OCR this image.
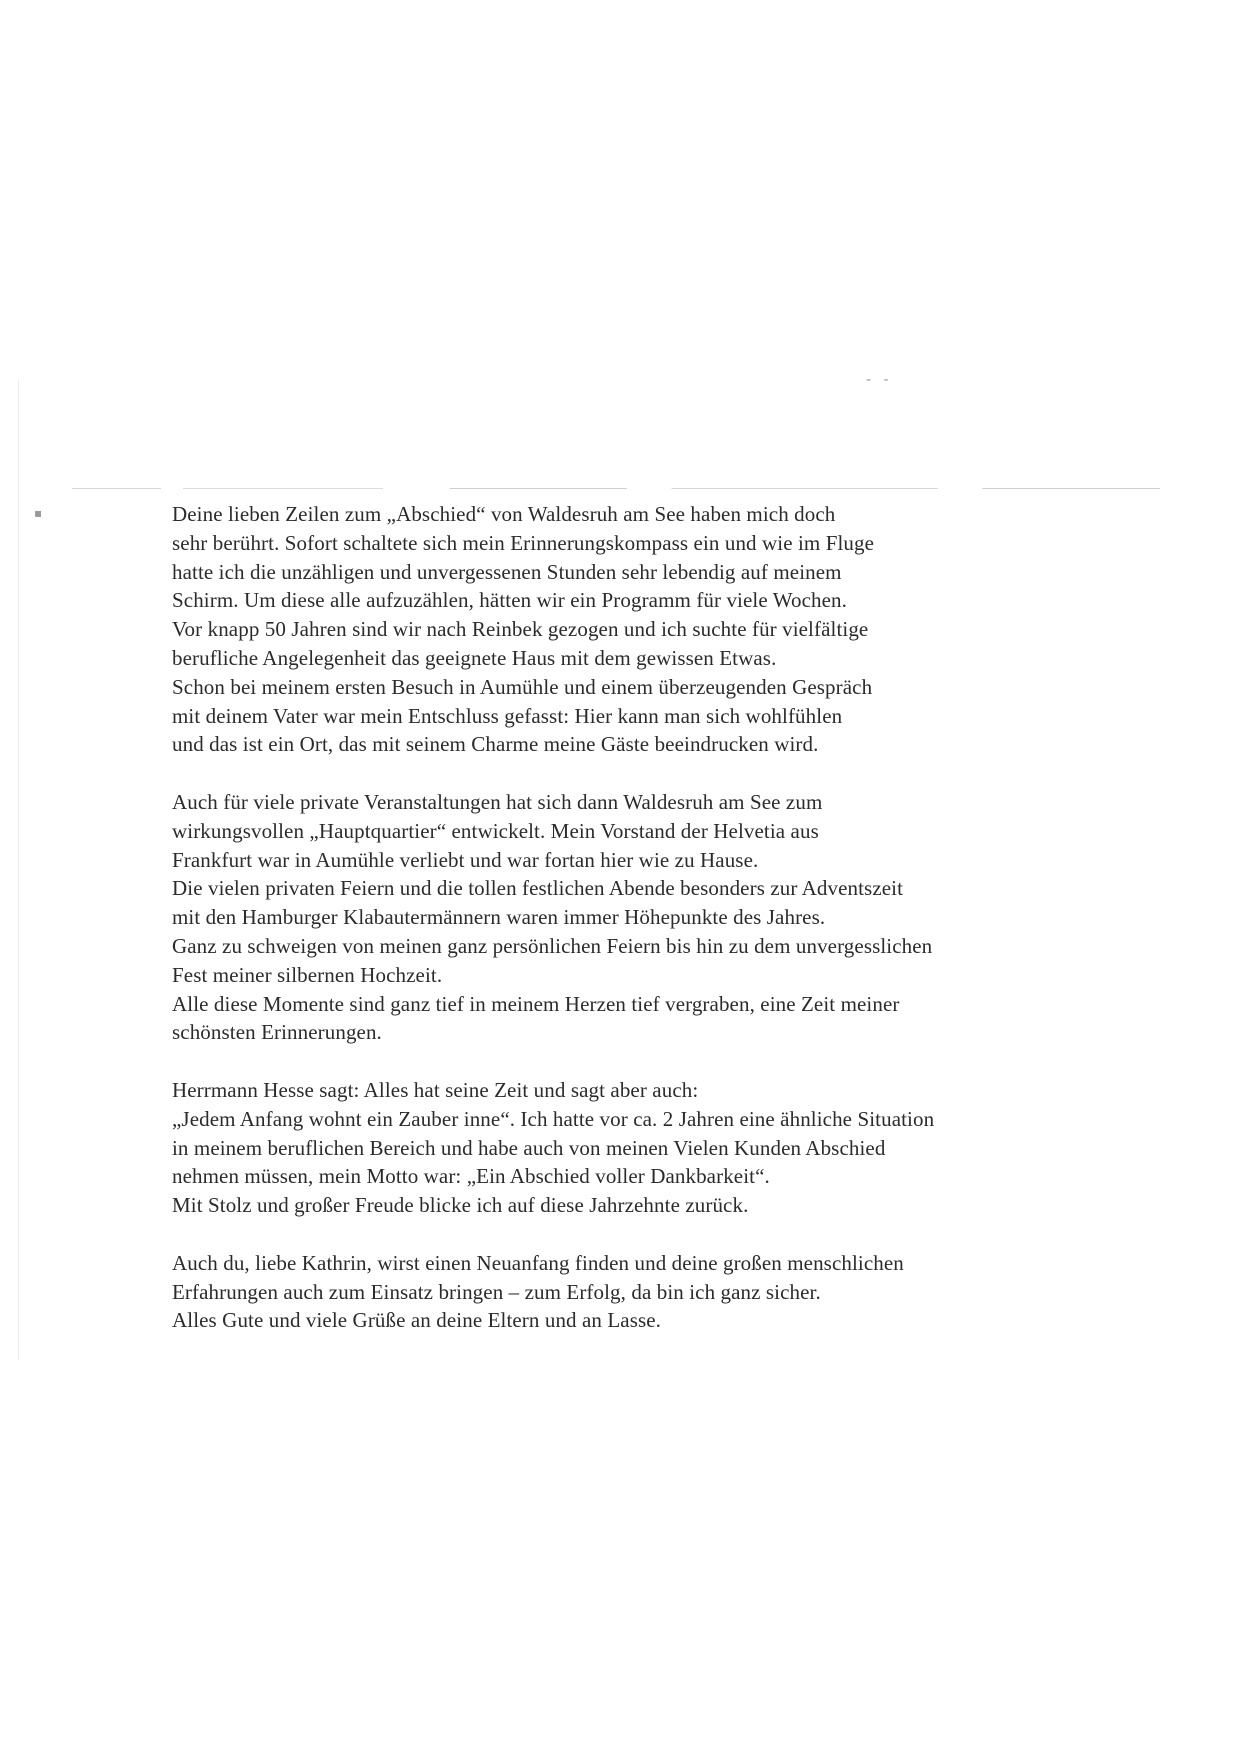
‐ ‐
▪	Deine lieben Zeilen zum „Abschied“ von Waldesruh am See haben mich doch
sehr berührt. Sofort schaltete sich mein Erinnerungskompass ein und wie im Fluge
hatte ich die unzähligen und unvergessenen Stunden sehr lebendig auf meinem
Schirm. Um diese alle aufzuzählen, hätten wir ein Programm für viele Wochen.
Vor knapp 50 Jahren sind wir nach Reinbek gezogen und ich suchte für vielfältige
berufliche Angelegenheit das geeignete Haus mit dem gewissen Etwas.
Schon bei meinem ersten Besuch in Aumühle und einem überzeugenden Gespräch
mit deinem Vater war mein Entschluss gefasst: Hier kann man sich wohlfühlen
und das ist ein Ort, das mit seinem Charme meine Gäste beeindrucken wird.
Auch für viele private Veranstaltungen hat sich dann Waldesruh am See zum
wirkungsvollen „Hauptquartier“ entwickelt. Mein Vorstand der Helvetia aus
Frankfurt war in Aumühle verliebt und war fortan hier wie zu Hause.
Die vielen privaten Feiern und die tollen festlichen Abende besonders zur Adventszeit
mit den Hamburger Klabautermännern waren immer Höhepunkte des Jahres.
Ganz zu schweigen von meinen ganz persönlichen Feiern bis hin zu dem unvergesslichen
Fest meiner silbernen Hochzeit.
Alle diese Momente sind ganz tief in meinem Herzen tief vergraben, eine Zeit meiner
schönsten Erinnerungen.
Herrmann Hesse sagt: Alles hat seine Zeit und sagt aber auch:
„Jedem Anfang wohnt ein Zauber inne“. Ich hatte vor ca. 2 Jahren eine ähnliche Situation
in meinem beruflichen Bereich und habe auch von meinen Vielen Kunden Abschied
nehmen müssen, mein Motto war: „Ein Abschied voller Dankbarkeit“.
Mit Stolz und großer Freude blicke ich auf diese Jahrzehnte zurück.
Auch du, liebe Kathrin, wirst einen Neuanfang finden und deine großen menschlichen
Erfahrungen auch zum Einsatz bringen – zum Erfolg, da bin ich ganz sicher.
Alles Gute und viele Grüße an deine Eltern und an Lasse.
